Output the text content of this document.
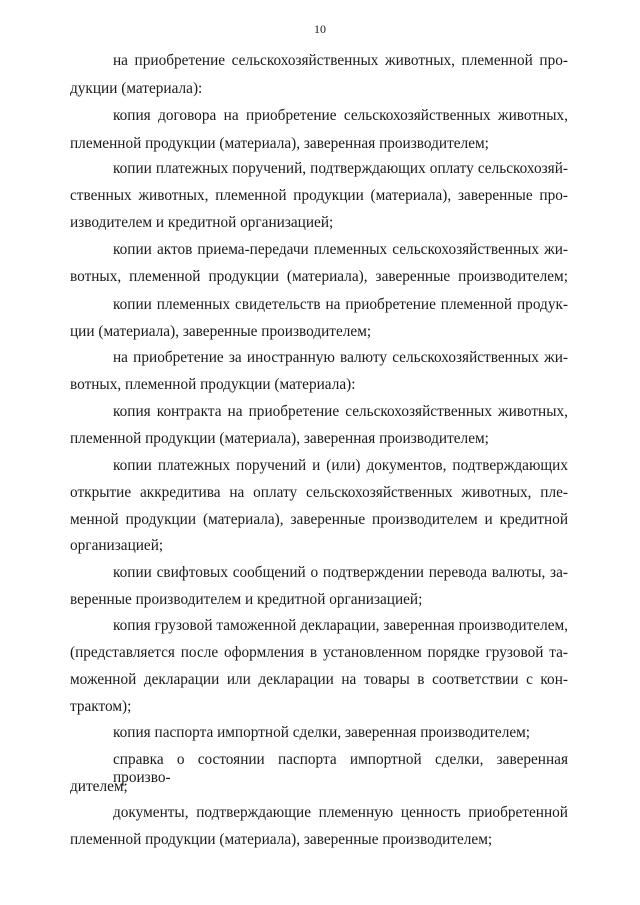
10
на приобретение сельскохозяйственных животных, племенной про-
дукции (материала):
копия договора на приобретение сельскохозяйственных животных,
племенной продукции (материала), заверенная производителем;
копии платежных поручений, подтверждающих оплату сельскохозяй-
ственных животных, племенной продукции (материала), заверенные про-
изводителем и кредитной организацией;
копии актов приема-передачи племенных сельскохозяйственных жи-
вотных, племенной продукции (материала), заверенные производителем;
копии племенных свидетельств на приобретение племенной продук-
ции (материала), заверенные производителем;
на приобретение за иностранную валюту сельскохозяйственных жи-
вотных, племенной продукции (материала):
копия контракта на приобретение сельскохозяйственных животных,
племенной продукции (материала), заверенная производителем;
копии платежных поручений и (или) документов, подтверждающих
открытие аккредитива на оплату сельскохозяйственных животных, пле-
менной продукции (материала), заверенные производителем и кредитной
организацией;
копии свифтовых сообщений о подтверждении перевода валюты, за-
веренные производителем и кредитной организацией;
копия грузовой таможенной декларации, заверенная производителем,
(представляется после оформления в установленном порядке грузовой та-
моженной декларации или декларации на товары в соответствии с кон-
трактом);
копия паспорта импортной сделки, заверенная производителем;
справка о состоянии паспорта импортной сделки, заверенная произво-
дителем;
документы, подтверждающие племенную ценность приобретенной
племенной продукции (материала), заверенные производителем;
